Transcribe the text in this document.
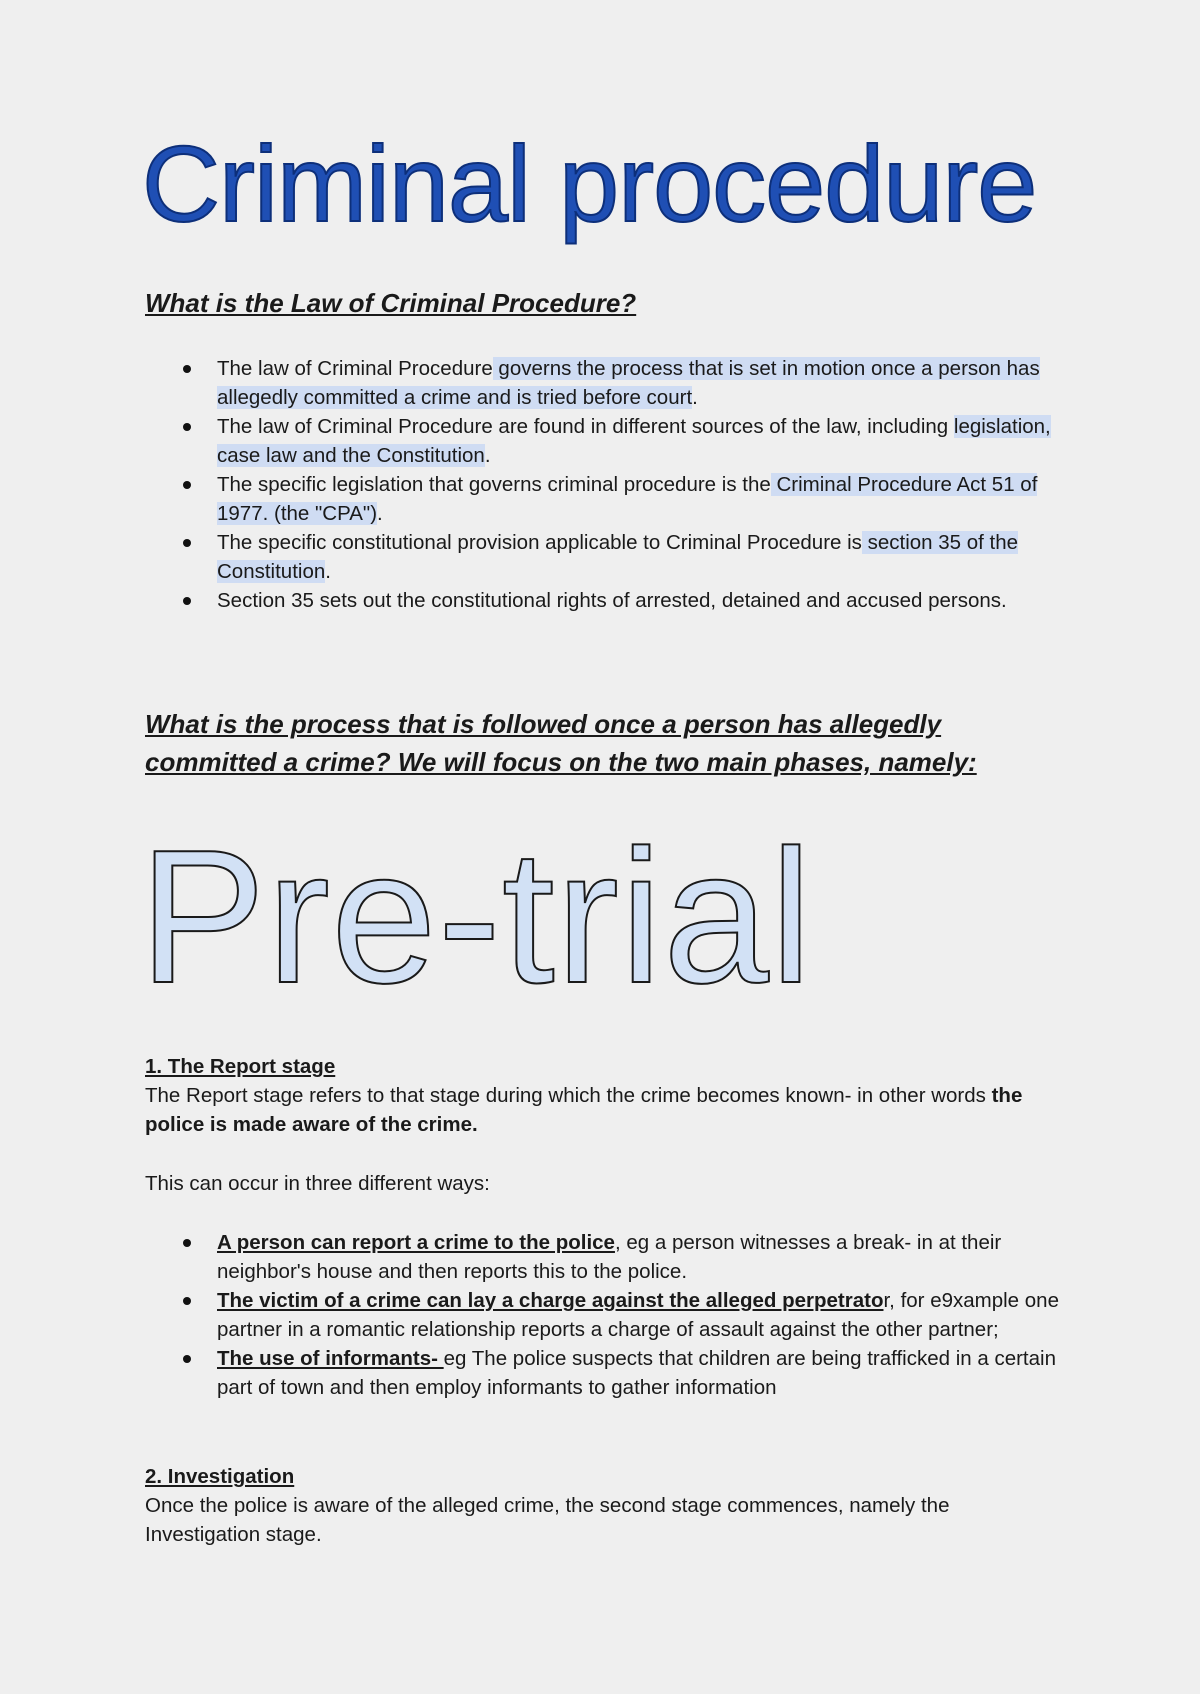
Criminal procedure
What is the Law of Criminal Procedure?
The law of Criminal Procedure governs the process that is set in motion once a person has allegedly committed a crime and is tried before court.
The law of Criminal Procedure are found in different sources of the law, including legislation, case law and the Constitution.
The specific legislation that governs criminal procedure is the Criminal Procedure Act 51 of 1977. (the "CPA").
The specific constitutional provision applicable to Criminal Procedure is section 35 of the Constitution.
Section 35 sets out the constitutional rights of arrested, detained and accused persons.
What is the process that is followed once a person has allegedly committed a crime? We will focus on the two main phases, namely:
Pre-trial
1. The Report stage
The Report stage refers to that stage during which the crime becomes known- in other words the police is made aware of the crime.
This can occur in three different ways:
A person can report a crime to the police, eg a person witnesses a break- in at their neighbor's house and then reports this to the police.
The victim of a crime can lay a charge against the alleged perpetrator, for e9xample one partner in a romantic relationship reports a charge of assault against the other partner;
The use of informants- eg The police suspects that children are being trafficked in a certain part of town and then employ informants to gather information
2. Investigation
Once the police is aware of the alleged crime, the second stage commences, namely the Investigation stage.
